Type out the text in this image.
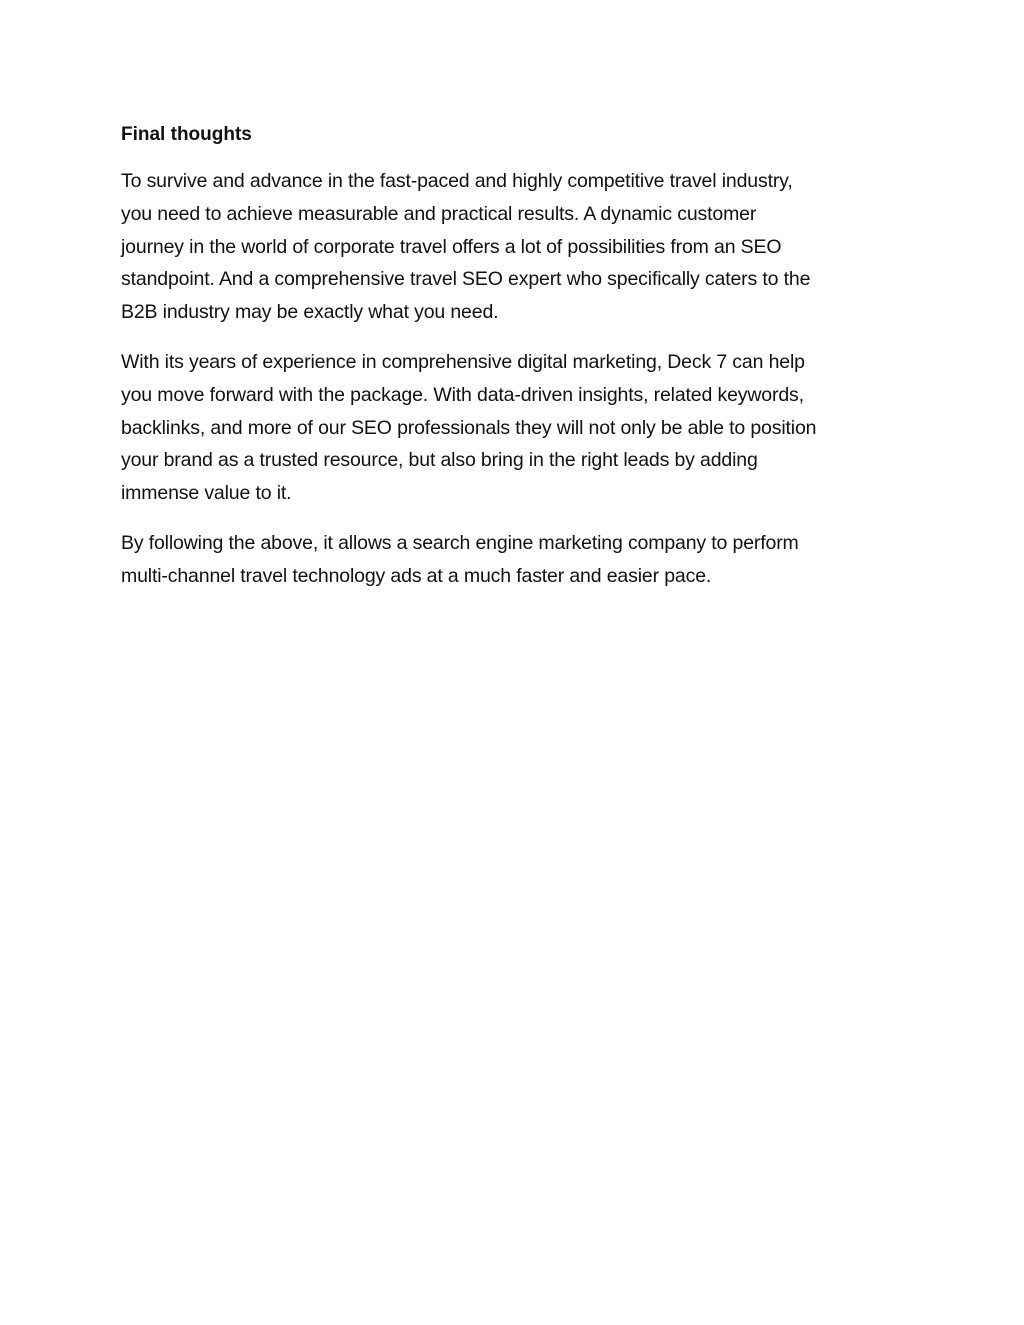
Final thoughts

To survive and advance in the fast-paced and highly competitive travel industry,
you need to achieve measurable and practical results. A dynamic customer
journey in the world of corporate travel offers a lot of possibilities from an SEO
standpoint. And a comprehensive travel SEO expert who specifically caters to the
B2B industry may be exactly what you need.

With its years of experience in comprehensive digital marketing, Deck 7 can help
you move forward with the package. With data-driven insights, related keywords,
backlinks, and more of our SEO professionals they will not only be able to position
your brand as a trusted resource, but also bring in the right leads by adding
immense value to it.

By following the above, it allows a search engine marketing company to perform
multi-channel travel technology ads at a much faster and easier pace.
